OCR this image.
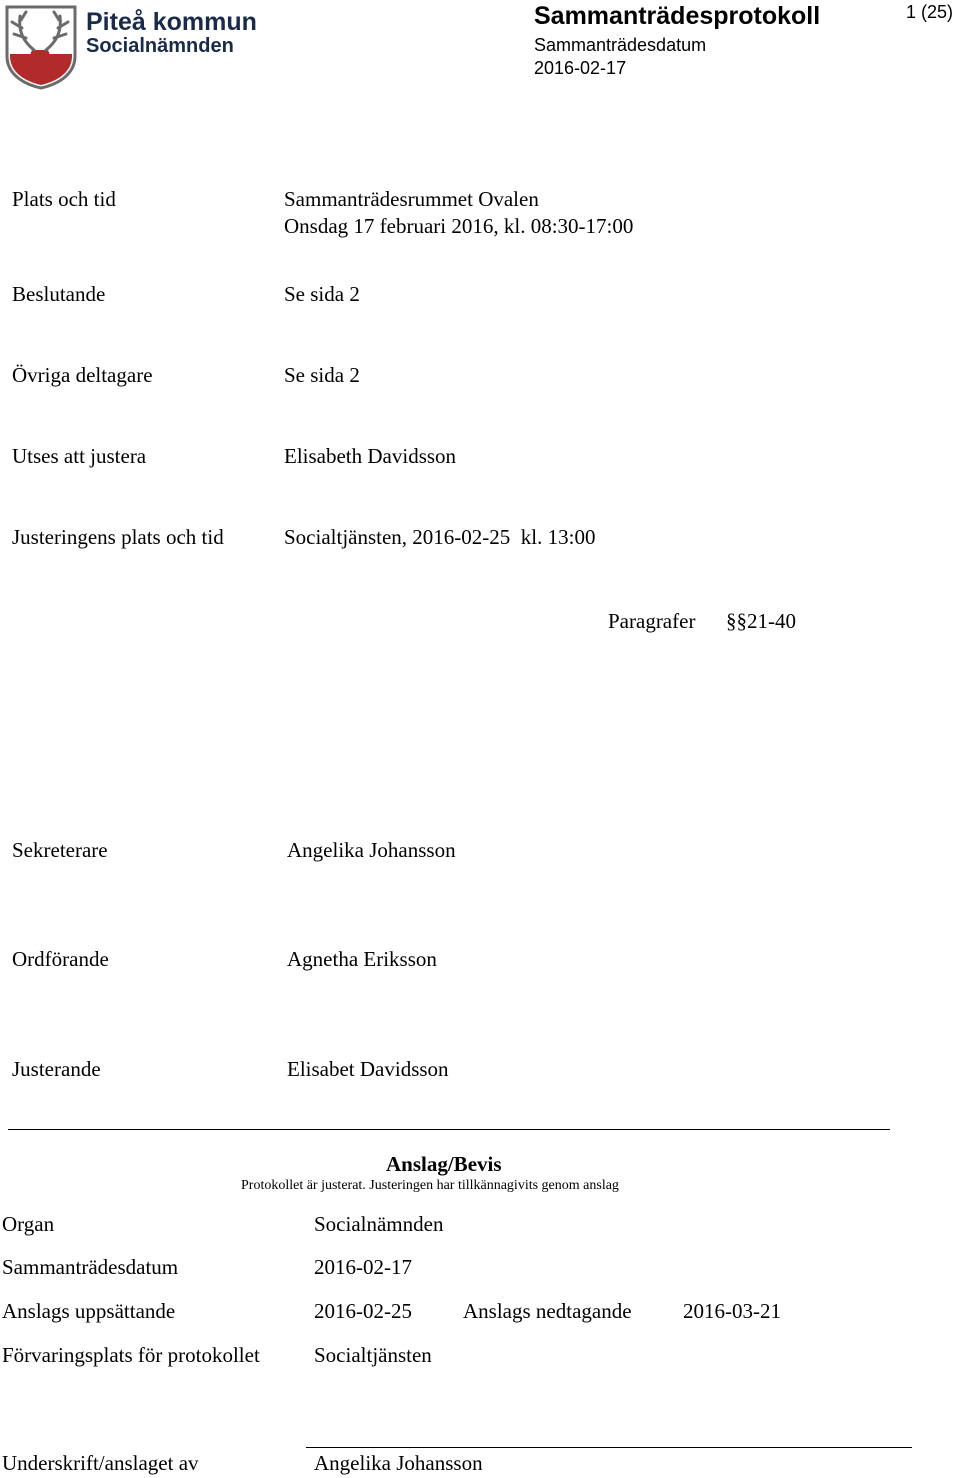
Piteå kommun
Socialnämnden
Sammanträdesprotokoll
Sammanträdesdatum
2016-02-17
1 (25)
Plats och tid	Sammanträdesrummet Ovalen
Onsdag 17 februari 2016, kl. 08:30-17:00
Beslutande	Se sida 2
Övriga deltagare	Se sida 2
Utses att justera	Elisabeth Davidsson
Justeringens plats och tid	Socialtjänsten, 2016-02-25  kl. 13:00
Paragrafer §§21-40
Sekreterare	Angelika Johansson
Ordförande	Agnetha Eriksson
Justerande	Elisabet Davidsson
Anslag/Bevis
Protokollet är justerat. Justeringen har tillkännagivits genom anslag
Organ	Socialnämnden
Sammanträdesdatum	2016-02-17
Anslags uppsättande	2016-02-25 Anslags nedtagande 2016-03-21
Förvaringsplats för protokollet	Socialtjänsten
Underskrift/anslaget av	Angelika Johansson
